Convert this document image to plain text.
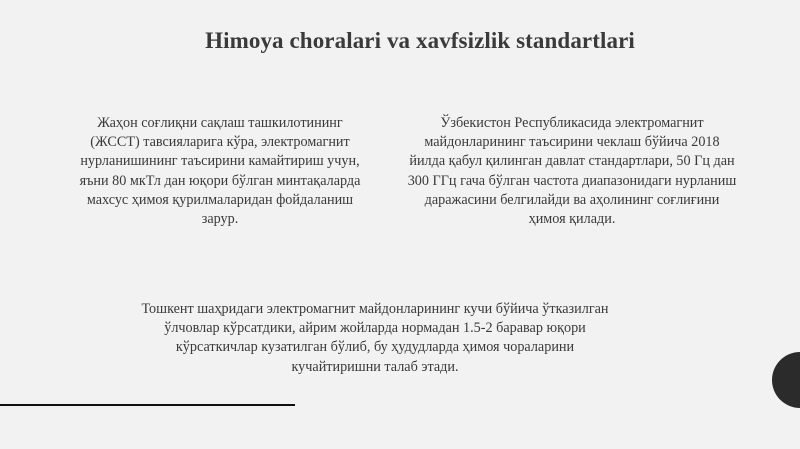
Himoya choralari va xavfsizlik standartlari
Жаҳон соғлиқни сақлаш ташкилотининг
(ЖССТ) тавсияларига кўра, электромагнит
нурланишининг таъсирини камайтириш учун,
яъни 80 мкТл дан юқори бўлган минтақаларда
махсус ҳимоя қурилмаларидан фойдаланиш
зарур.
Ўзбекистон Республикасида электромагнит
майдонларининг таъсирини чеклаш бўйича 2018
йилда қабул қилинган давлат стандартлари, 50 Гц дан
300 ГГц гача бўлган частота диапазонидаги нурланиш
даражасини белгилайди ва аҳолининг соғлиғини
ҳимоя қилади.
Тошкент шаҳридаги электромагнит майдонларининг кучи бўйича ўтказилган
ўлчовлар кўрсатдики, айрим жойларда нормадан 1.5-2 баравар юқори
кўрсаткичлар кузатилган бўлиб, бу ҳудудларда ҳимоя чораларини
кучайтиришни талаб этади.
